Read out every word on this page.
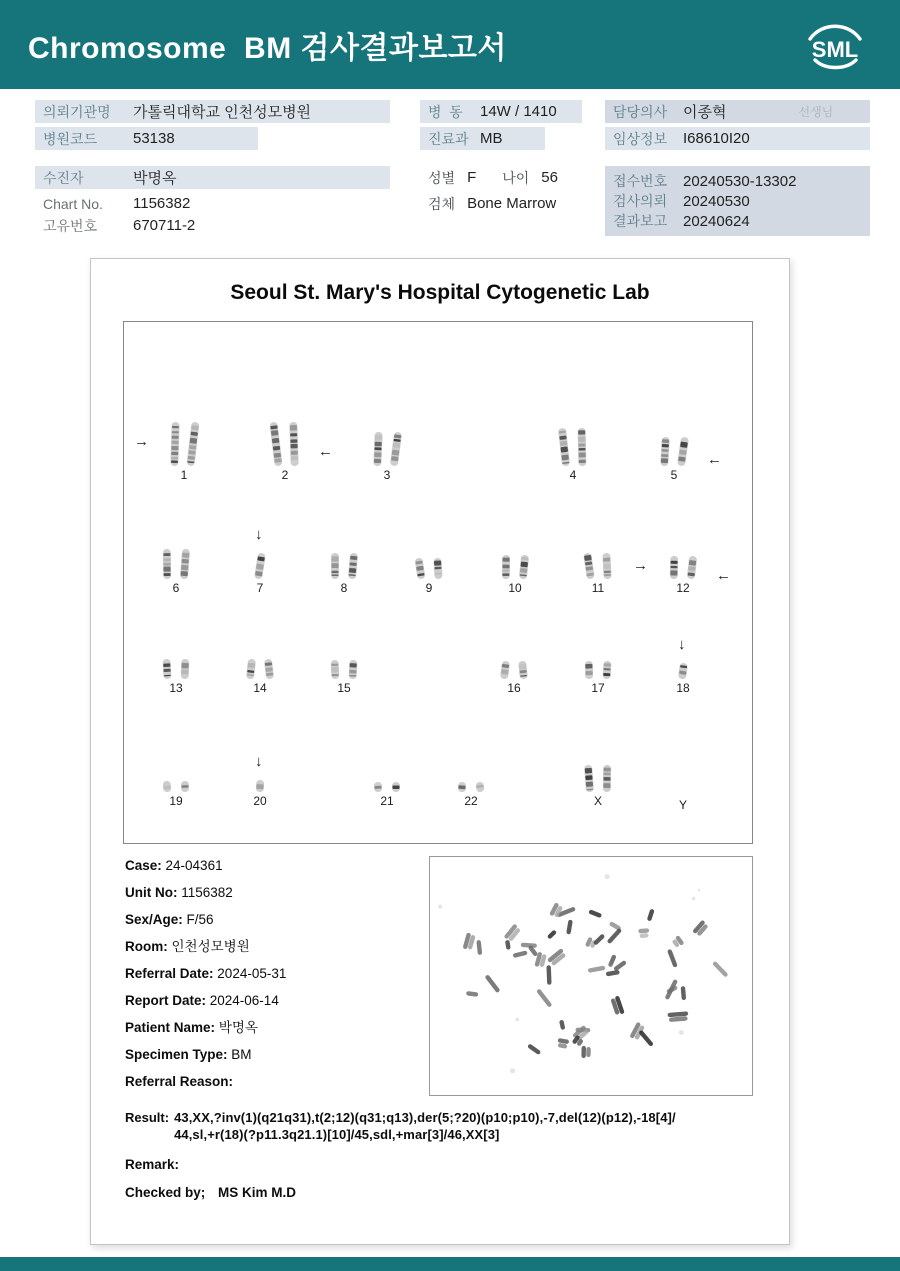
Chromosome  BM 검사결과보고서	SML
의뢰기관명	가톨릭대학교 인천성모병원
병원코드	53138
수진자	박명옥
Chart No.	1156382
고유번호	670711-2
병  동	14W / 1410
진료과 MB
성별 F 나이 56
검체 Bone Marrow
담당의사	이종혁	선생님
임상정보	I68610I20
접수번호	20240530-13302
검사의뢰	20240530
결과보고	20240624
Seoul St. Mary's Hospital Cytogenetic Lab
1
→
2
←
3	4	5
←
6	7
↓
8	9	10	11	12
→
←
13	14	15	16	17	18
↓
19	20
↓
21	22	X	Y
Case: 24-04361
Unit No: 1156382
Sex/Age: F/56
Room: 인천성모병원
Referral Date: 2024-05-31
Report Date: 2024-06-14
Patient Name: 박명옥
Specimen Type: BM
Referral Reason:
Result: 43,XX,?inv(1)(q21q31),t(2;12)(q31;q13),der(5;?20)(p10;p10),-7,del(12)(p12),-18[4]/
44,sl,+r(18)(?p11.3q21.1)[10]/45,sdl,+mar[3]/46,XX[3]
Remark:
Checked by; MS Kim M.D
